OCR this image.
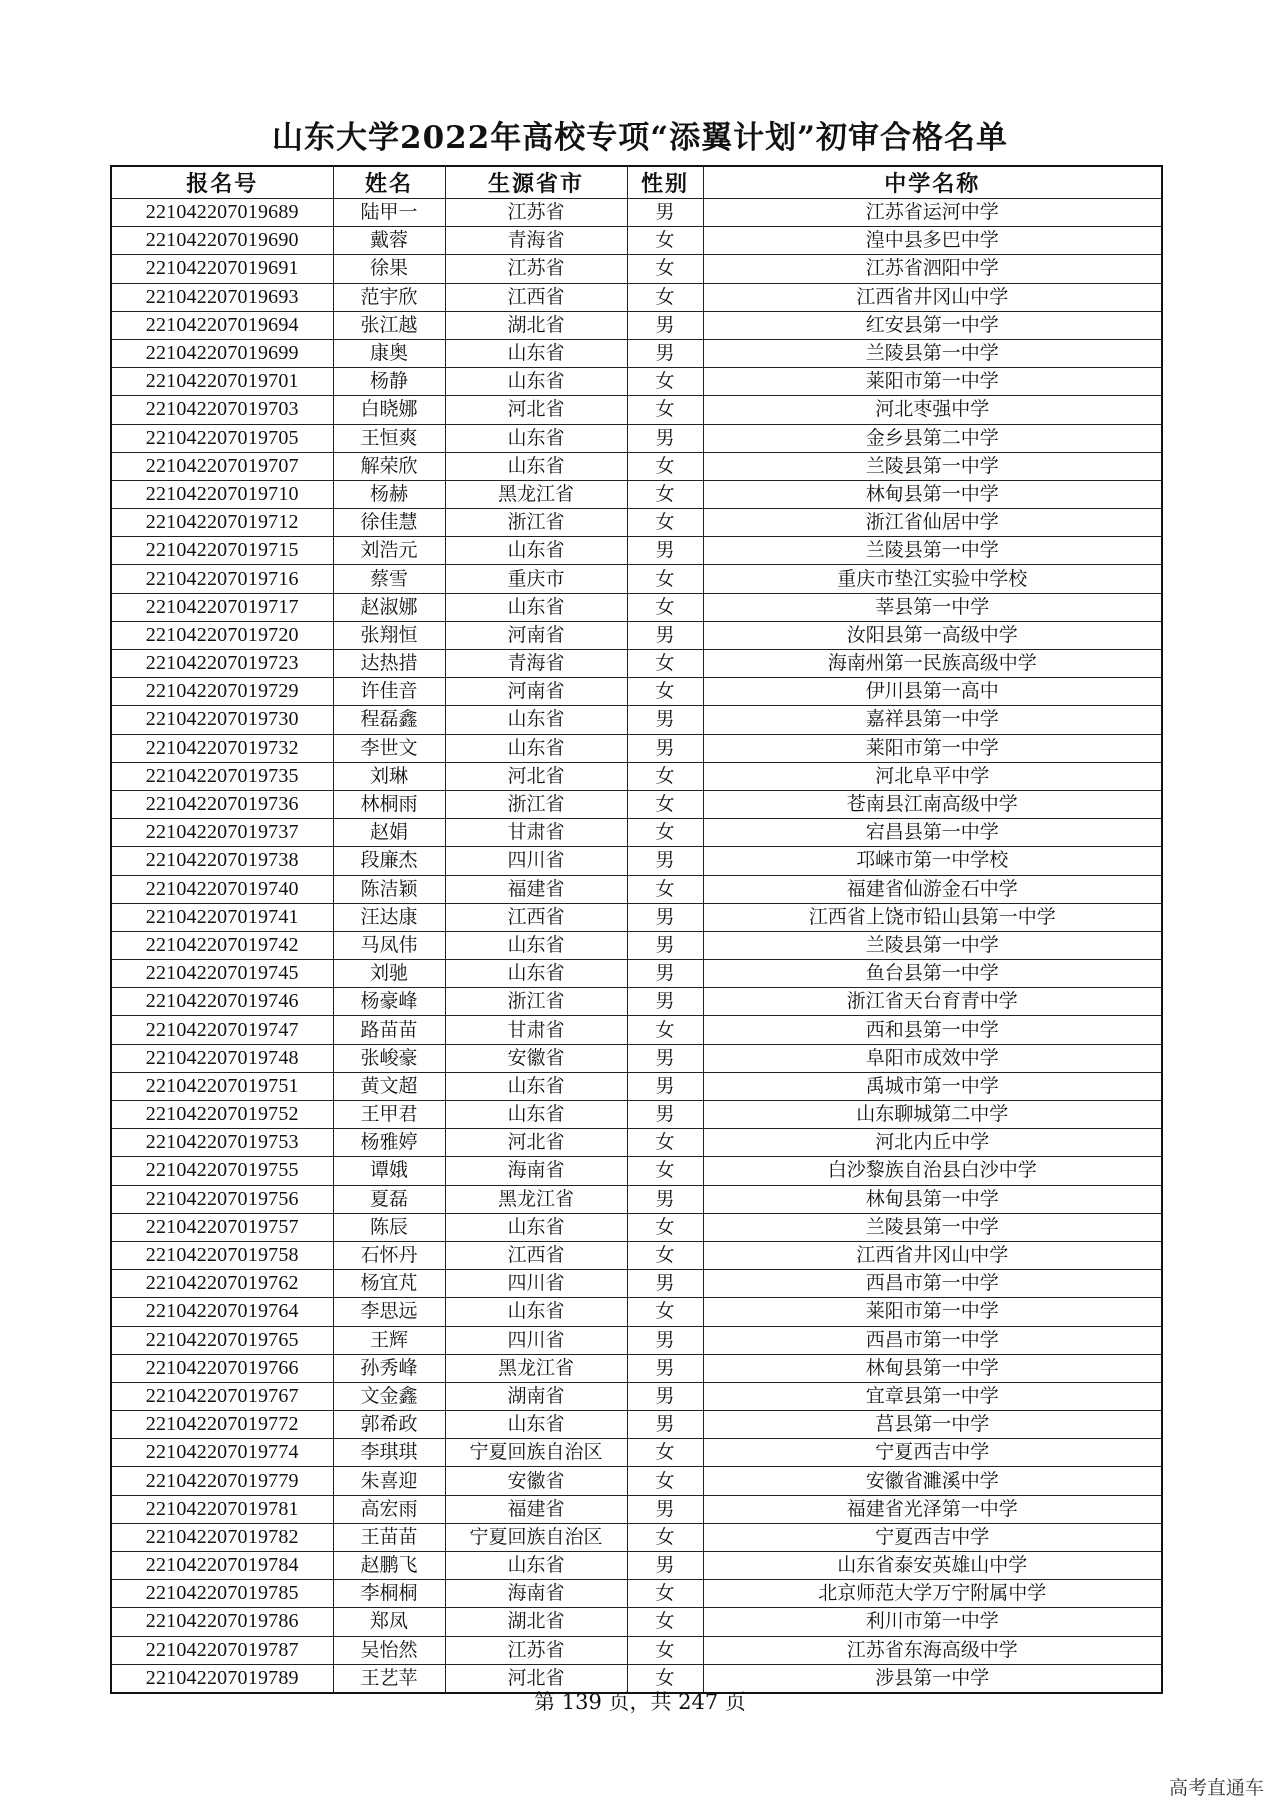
山东大学2022年高校专项“添翼计划”初审合格名单
报名号	姓名	生源省市	性别	中学名称
221042207019689	陆甲一	江苏省	男	江苏省运河中学
221042207019690	戴蓉	青海省	女	湟中县多巴中学
221042207019691	徐果	江苏省	女	江苏省泗阳中学
221042207019693	范宇欣	江西省	女	江西省井冈山中学
221042207019694	张江越	湖北省	男	红安县第一中学
221042207019699	康奥	山东省	男	兰陵县第一中学
221042207019701	杨静	山东省	女	莱阳市第一中学
221042207019703	白晓娜	河北省	女	河北枣强中学
221042207019705	王恒爽	山东省	男	金乡县第二中学
221042207019707	解荣欣	山东省	女	兰陵县第一中学
221042207019710	杨赫	黑龙江省	女	林甸县第一中学
221042207019712	徐佳慧	浙江省	女	浙江省仙居中学
221042207019715	刘浩元	山东省	男	兰陵县第一中学
221042207019716	蔡雪	重庆市	女	重庆市垫江实验中学校
221042207019717	赵淑娜	山东省	女	莘县第一中学
221042207019720	张翔恒	河南省	男	汝阳县第一高级中学
221042207019723	达热措	青海省	女	海南州第一民族高级中学
221042207019729	许佳音	河南省	女	伊川县第一高中
221042207019730	程磊鑫	山东省	男	嘉祥县第一中学
221042207019732	李世文	山东省	男	莱阳市第一中学
221042207019735	刘琳	河北省	女	河北阜平中学
221042207019736	林桐雨	浙江省	女	苍南县江南高级中学
221042207019737	赵娟	甘肃省	女	宕昌县第一中学
221042207019738	段廉杰	四川省	男	邛崃市第一中学校
221042207019740	陈洁颖	福建省	女	福建省仙游金石中学
221042207019741	汪达康	江西省	男	江西省上饶市铅山县第一中学
221042207019742	马凤伟	山东省	男	兰陵县第一中学
221042207019745	刘驰	山东省	男	鱼台县第一中学
221042207019746	杨豪峰	浙江省	男	浙江省天台育青中学
221042207019747	路苗苗	甘肃省	女	西和县第一中学
221042207019748	张峻豪	安徽省	男	阜阳市成效中学
221042207019751	黄文超	山东省	男	禹城市第一中学
221042207019752	王甲君	山东省	男	山东聊城第二中学
221042207019753	杨雅婷	河北省	女	河北内丘中学
221042207019755	谭娥	海南省	女	白沙黎族自治县白沙中学
221042207019756	夏磊	黑龙江省	男	林甸县第一中学
221042207019757	陈辰	山东省	女	兰陵县第一中学
221042207019758	石怀丹	江西省	女	江西省井冈山中学
221042207019762	杨宜芃	四川省	男	西昌市第一中学
221042207019764	李思远	山东省	女	莱阳市第一中学
221042207019765	王辉	四川省	男	西昌市第一中学
221042207019766	孙秀峰	黑龙江省	男	林甸县第一中学
221042207019767	文金鑫	湖南省	男	宜章县第一中学
221042207019772	郭希政	山东省	男	莒县第一中学
221042207019774	李琪琪	宁夏回族自治区	女	宁夏西吉中学
221042207019779	朱喜迎	安徽省	女	安徽省濉溪中学
221042207019781	高宏雨	福建省	男	福建省光泽第一中学
221042207019782	王苗苗	宁夏回族自治区	女	宁夏西吉中学
221042207019784	赵鹏飞	山东省	男	山东省泰安英雄山中学
221042207019785	李桐桐	海南省	女	北京师范大学万宁附属中学
221042207019786	郑凤	湖北省	女	利川市第一中学
221042207019787	吴怡然	江苏省	女	江苏省东海高级中学
221042207019789	王艺苹	河北省	女	涉县第一中学
第 139 页，共 247 页
高考直通车
